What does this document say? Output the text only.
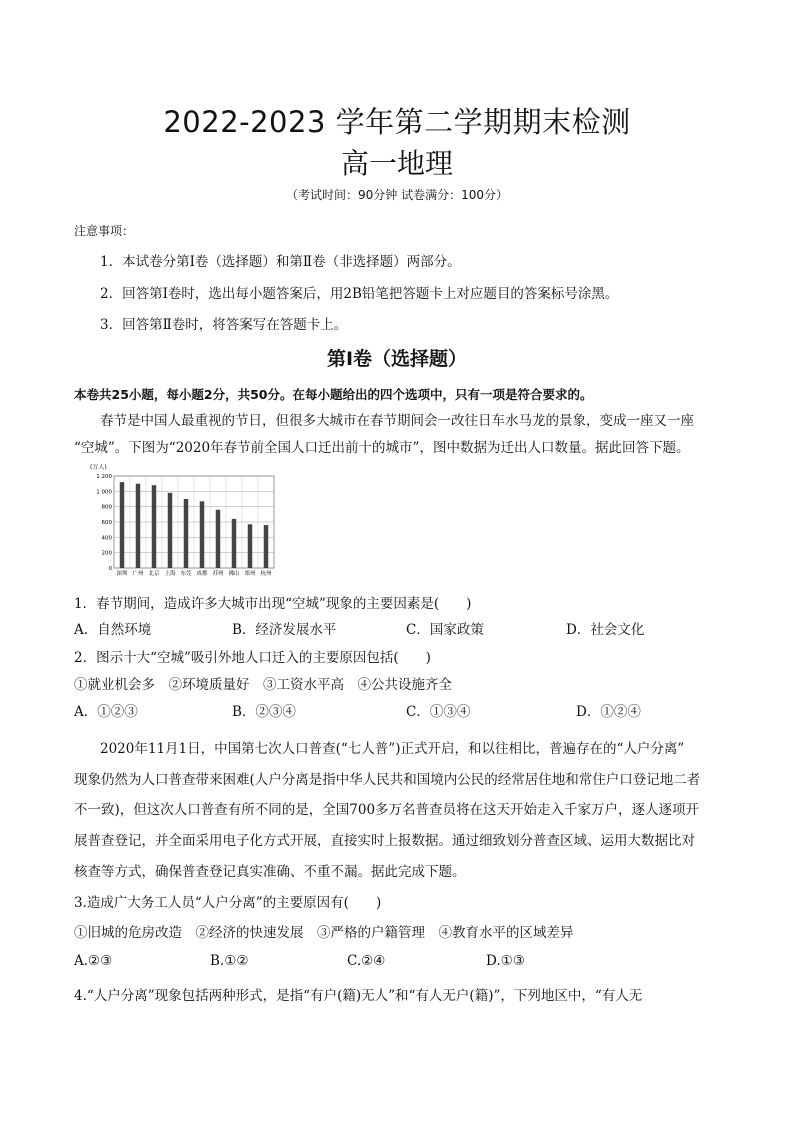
2022-2023 学年第二学期期末检测
高一地理
（考试时间：90分钟 试卷满分：100分）
注意事项：
1．本试卷分第Ⅰ卷（选择题）和第Ⅱ卷（非选择题）两部分。
2．回答第Ⅰ卷时，选出每小题答案后，用2B铅笔把答题卡上对应题目的答案标号涂黑。
3．回答第Ⅱ卷时，将答案写在答题卡上。
第Ⅰ卷（选择题）
本卷共25小题，每小题2分，共50分。在每小题给出的四个选项中，只有一项是符合要求的。
春节是中国人最重视的节日，但很多大城市在春节期间会一改往日车水马龙的景象，变成一座又一座
“空城”。下图为“2020年春节前全国人口迁出前十的城市”，图中数据为迁出人口数量。据此回答下题。
0
200
400
600
800
1 000
1 200
深圳 广州 北京 上海 东莞 成都 苏州 佛山 郑州 杭州
(万人)
1．春节期间，造成许多大城市出现“空城”现象的主要因素是(　　)
A．自然环境	B．经济发展水平	C．国家政策	D．社会文化
2．图示十大“空城”吸引外地人口迁入的主要原因包括(　　)
①就业机会多　②环境质量好　③工资水平高　④公共设施齐全
A．①②③	B．②③④	C．①③④	D．①②④
2020年11月1日，中国第七次人口普查(“七人普”)正式开启，和以往相比，普遍存在的“人户分离”
现象仍然为人口普查带来困难(人户分离是指中华人民共和国境内公民的经常居住地和常住户口登记地二者
不一致)，但这次人口普查有所不同的是，全国700多万名普查员将在这天开始走入千家万户，逐人逐项开
展普查登记，并全面采用电子化方式开展，直接实时上报数据。通过细致划分普查区域、运用大数据比对
核查等方式，确保普查登记真实准确、不重不漏。据此完成下题。
3.造成广大务工人员“人户分离”的主要原因有(　　)
①旧城的危房改造　②经济的快速发展　③严格的户籍管理　④教育水平的区域差异
A.②③	B.①②	C.②④	D.①③
4.“人户分离”现象包括两种形式，是指“有户(籍)无人”和“有人无户(籍)”，下列地区中，“有人无
